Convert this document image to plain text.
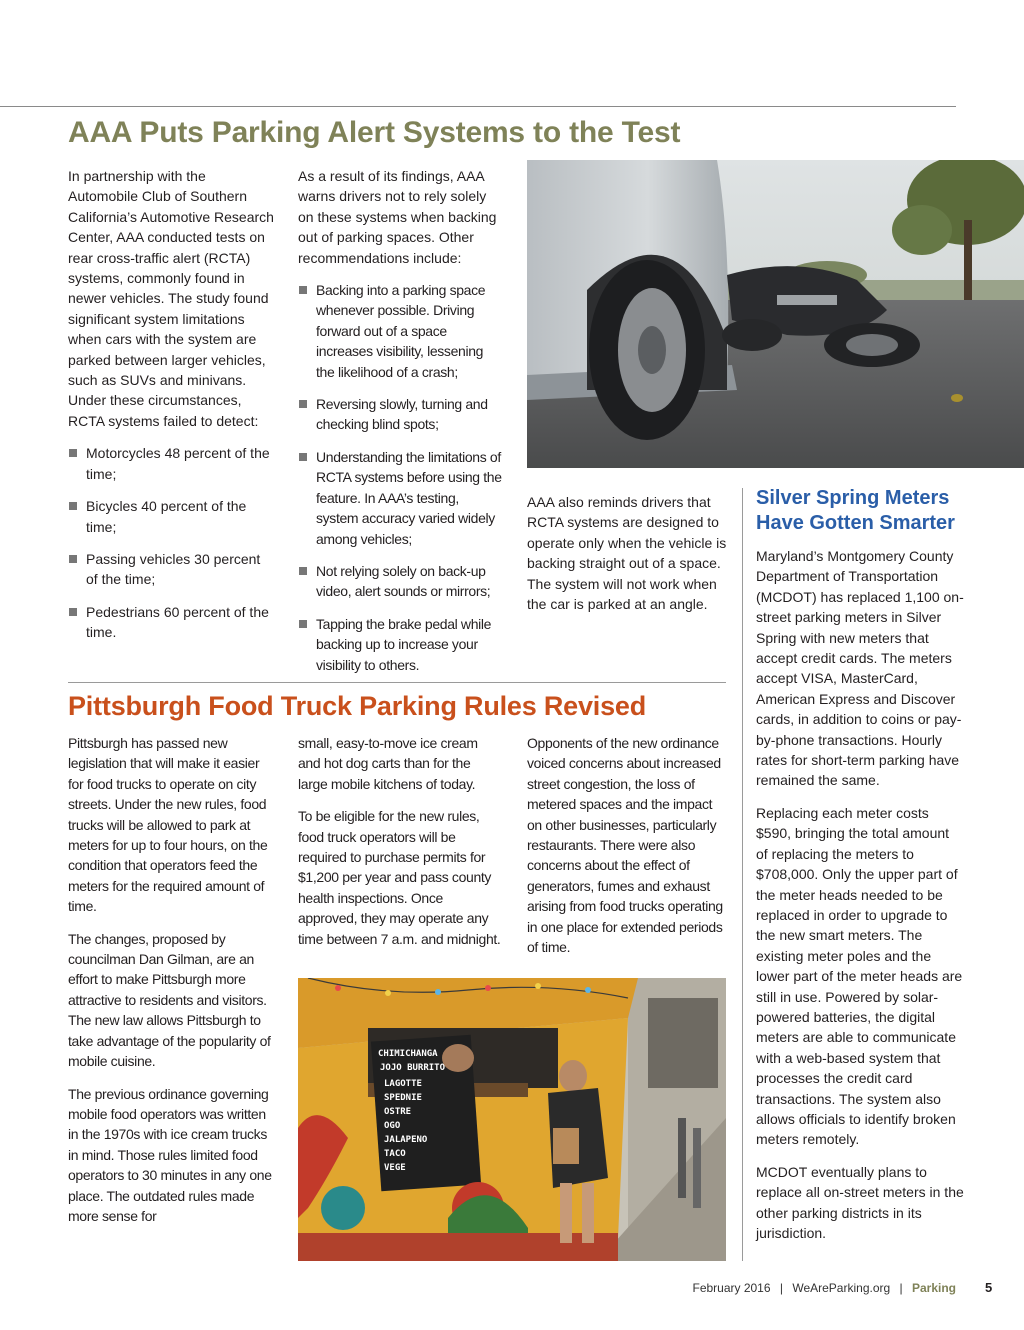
AAA Puts Parking Alert Systems to the Test

In partnership with the Automobile Club of Southern California’s Automotive Research Center, AAA conducted tests on rear cross-traffic alert (RCTA) systems, commonly found in newer vehicles. The study found significant system limitations when cars with the system are parked between larger vehicles, such as SUVs and minivans. Under these circumstances, RCTA systems failed to detect:

Motorcycles 48 percent of the time;
Bicycles 40 percent of the time;
Passing vehicles 30 percent of the time;
Pedestrians 60 percent of the time.

As a result of its findings, AAA warns drivers not to rely solely on these systems when backing out of parking spaces. Other recommendations include:

Backing into a parking space whenever possible. Driving forward out of a space increases visibility, lessening the likelihood of a crash;
Reversing slowly, turning and checking blind spots;
Understanding the limitations of RCTA systems before using the feature. In AAA’s testing, system accuracy varied widely among vehicles;
Not relying solely on back-up video, alert sounds or mirrors;
Tapping the brake pedal while backing up to increase your visibility to others.

AAA also reminds drivers that RCTA systems are designed to operate only when the vehicle is backing straight out of a space. The system will not work when the car is parked at an angle.

Pittsburgh Food Truck Parking Rules Revised

Pittsburgh has passed new legislation that will make it easier for food trucks to operate on city streets. Under the new rules, food trucks will be allowed to park at meters for up to four hours, on the condition that operators feed the meters for the required amount of time.

The changes, proposed by councilman Dan Gilman, are an effort to make Pittsburgh more attractive to residents and visitors. The new law allows Pittsburgh to take advantage of the popularity of mobile cuisine.

The previous ordinance governing mobile food operators was written in the 1970s with ice cream trucks in mind. Those rules limited food operators to 30 minutes in any one place. The outdated rules made more sense for

small, easy-to-move ice cream and hot dog carts than for the large mobile kitchens of today.

To be eligible for the new rules, food truck operators will be required to purchase permits for $1,200 per year and pass county health inspections. Once approved, they may operate any time between 7 a.m. and midnight.

Opponents of the new ordinance voiced concerns about increased street congestion, the loss of metered spaces and the impact on other businesses, particularly restaurants. There were also concerns about the effect of generators, fumes and exhaust arising from food trucks operating in one place for extended periods of time.

CHIMICHANGA
JOJO BURRITO
LAGOTTE
SPEDNIE
OSTRE
OGO
JALAPENO
TACO
VEGE
Silver Spring Meters Have Gotten Smarter

Maryland’s Montgomery County Department of Transportation (MCDOT) has replaced 1,100 on-street parking meters in Silver Spring with new meters that accept credit cards. The meters accept VISA, MasterCard, American Express and Discover cards, in addition to coins or pay-by-phone transactions. Hourly rates for short-term parking have remained the same.

Replacing each meter costs $590, bringing the total amount of replacing the meters to $708,000. Only the upper part of the meter heads needed to be replaced in order to upgrade to the new smart meters. The existing meter poles and the lower part of the meter heads are still in use. Powered by solar-powered batteries, the digital meters are able to communicate with a web-based system that processes the credit card transactions. The system also allows officials to identify broken meters remotely.

MCDOT eventually plans to replace all on-street meters in the other parking districts in its jurisdiction.

February 2016 | WeAreParking.org | Parking 5
